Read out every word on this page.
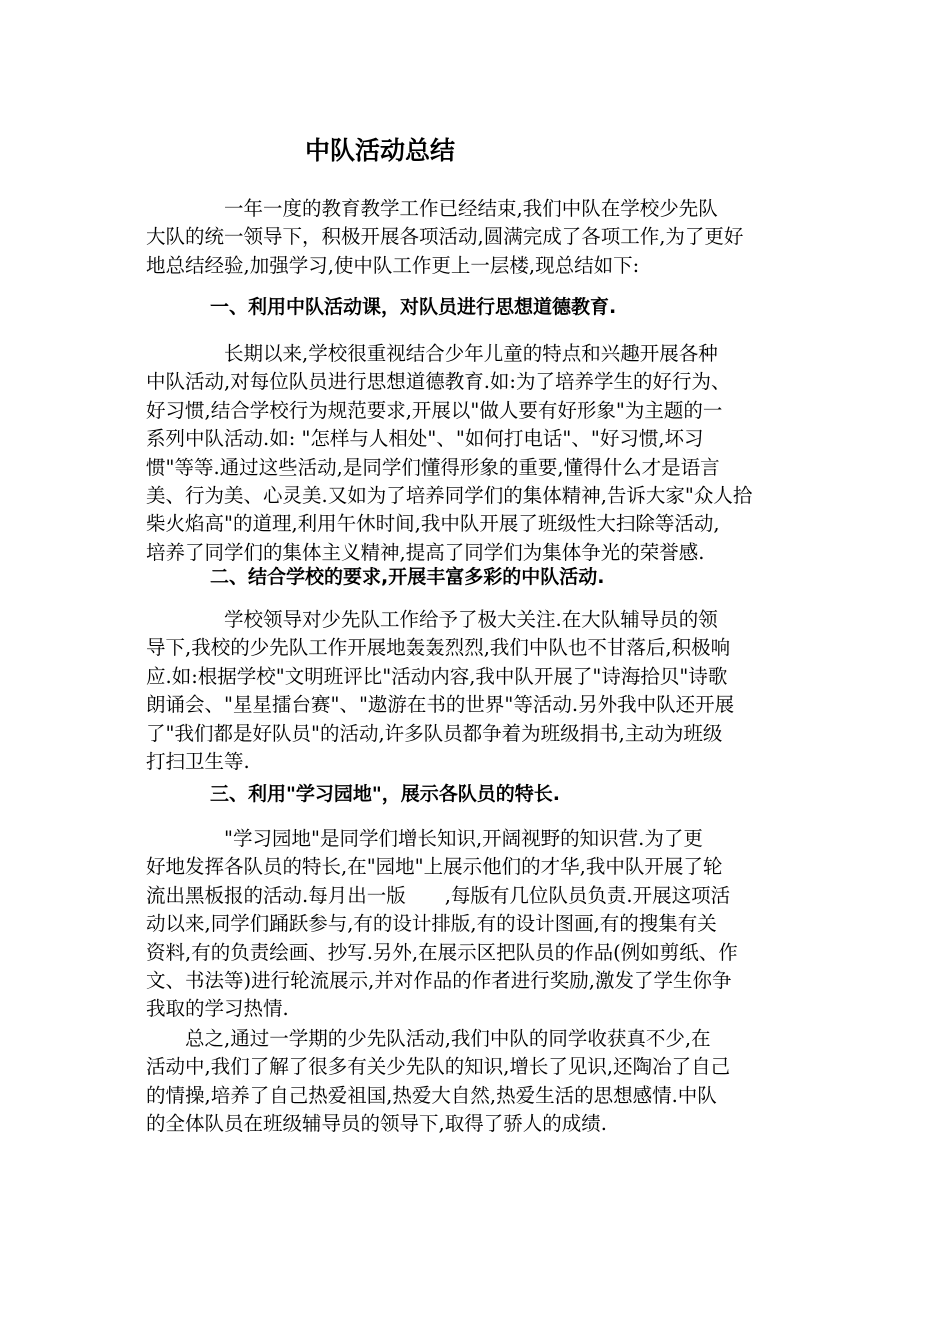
中队活动总结

　　　　一年一度的教育教学工作已经结束,我们中队在学校少先队
大队的统一领导下，积极开展各项活动,圆满完成了各项工作,为了更好
地总结经验,加强学习,使中队工作更上一层楼,现总结如下:

一、利用中队活动课，对队员进行思想道德教育.

　　　　长期以来,学校很重视结合少年儿童的特点和兴趣开展各种
中队活动,对每位队员进行思想道德教育.如:为了培养学生的好行为、
好习惯,结合学校行为规范要求,开展以"做人要有好形象"为主题的一
系列中队活动.如: "怎样与人相处"、"如何打电话"、"好习惯,坏习
惯"等等.通过这些活动,是同学们懂得形象的重要,懂得什么才是语言
美、行为美、心灵美.又如为了培养同学们的集体精神,告诉大家"众人拾
柴火焰高"的道理,利用午休时间,我中队开展了班级性大扫除等活动,
培养了同学们的集体主义精神,提高了同学们为集体争光的荣誉感.

二、结合学校的要求,开展丰富多彩的中队活动.

　　　　学校领导对少先队工作给予了极大关注.在大队辅导员的领
导下,我校的少先队工作开展地轰轰烈烈,我们中队也不甘落后,积极响
应.如:根据学校"文明班评比"活动内容,我中队开展了"诗海拾贝"诗歌
朗诵会、"星星擂台赛"、"遨游在书的世界"等活动.另外我中队还开展
了"我们都是好队员"的活动,许多队员都争着为班级捐书,主动为班级
打扫卫生等.

三、利用"学习园地"，展示各队员的特长.

　　　　"学习园地"是同学们增长知识,开阔视野的知识营.为了更
好地发挥各队员的特长,在"园地"上展示他们的才华,我中队开展了轮
流出黑板报的活动.每月出一版　　,每版有几位队员负责.开展这项活
动以来,同学们踊跃参与,有的设计排版,有的设计图画,有的搜集有关
资料,有的负责绘画、抄写.另外,在展示区把队员的作品(例如剪纸、作
文、书法等)进行轮流展示,并对作品的作者进行奖励,激发了学生你争
我取的学习热情.

　　总之,通过一学期的少先队活动,我们中队的同学收获真不少,在
活动中,我们了解了很多有关少先队的知识,增长了见识,还陶冶了自己
的情操,培养了自己热爱祖国,热爱大自然,热爱生活的思想感情.中队
的全体队员在班级辅导员的领导下,取得了骄人的成绩.
